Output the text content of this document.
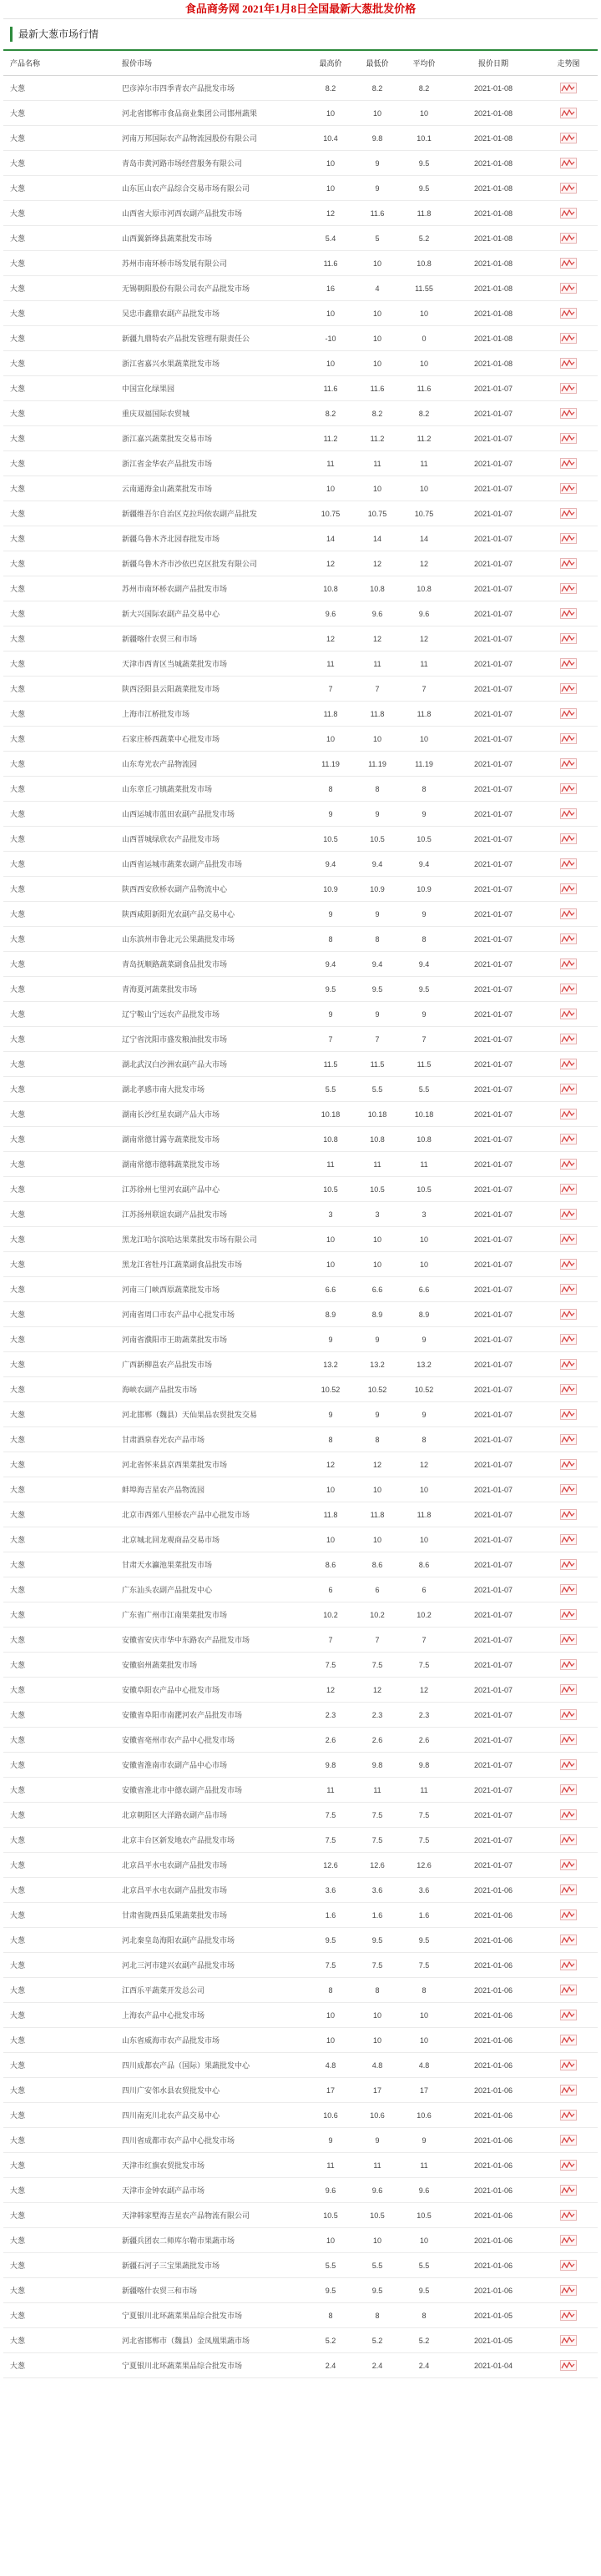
食品商务网 2021年1月8日全国最新大葱批发价格
最新大葱市场行情
产品名称	报价市场	最高价	最低价	平均价	报价日期	走势图
大葱	巴彦淖尔市四季青农产品批发市场	8.2	8.2	8.2	2021-01-08	

大葱	河北省邯郸市食品商业集团公司邯州蔬果	10	10	10	2021-01-08	

大葱	河南万邦国际农产品物流园股份有限公司	10.4	9.8	10.1	2021-01-08	

大葱	青岛市黄河路市场经营服务有限公司	10	9	9.5	2021-01-08	

大葱	山东匡山农产品综合交易市场有限公司	10	9	9.5	2021-01-08	

大葱	山西省大原市河西农副产品批发市场	12	11.6	11.8	2021-01-08	

大葱	山西翼新绛县蔬菜批发市场	5.4	5	5.2	2021-01-08	

大葱	苏州市南环桥市场发展有限公司	11.6	10	10.8	2021-01-08	

大葱	无锡朝阳股份有限公司农产品批发市场	16	4	11.55	2021-01-08	

大葱	吴忠市鑫鼎农副产品批发市场	10	10	10	2021-01-08	

大葱	新疆九鼎特农产品批发管理有限责任公	-10	10	0	2021-01-08	

大葱	浙江省嘉兴水果蔬菜批发市场	10	10	10	2021-01-08	

大葱	中国宣化绿果园	11.6	11.6	11.6	2021-01-07	

大葱	重庆双福国际农贸城	8.2	8.2	8.2	2021-01-07	

大葱	浙江嘉兴蔬菜批发交易市场	11.2	11.2	11.2	2021-01-07	

大葱	浙江省金华农产品批发市场	11	11	11	2021-01-07	

大葱	云南通海金山蔬菜批发市场	10	10	10	2021-01-07	

大葱	新疆维吾尔自治区克拉玛依农副产品批发	10.75	10.75	10.75	2021-01-07	

大葱	新疆乌鲁木齐北园春批发市场	14	14	14	2021-01-07	

大葱	新疆乌鲁木齐市沙依巴克区批发有限公司	12	12	12	2021-01-07	

大葱	苏州市南环桥农副产品批发市场	10.8	10.8	10.8	2021-01-07	

大葱	新大兴国际农副产品交易中心	9.6	9.6	9.6	2021-01-07	

大葱	新疆喀什农贸三和市场	12	12	12	2021-01-07	

大葱	天津市西青区当城蔬菜批发市场	11	11	11	2021-01-07	

大葱	陕西泾阳县云阳蔬菜批发市场	7	7	7	2021-01-07	

大葱	上海市江桥批发市场	11.8	11.8	11.8	2021-01-07	

大葱	石家庄桥西蔬菜中心批发市场	10	10	10	2021-01-07	

大葱	山东寿光农产品物流园	11.19	11.19	11.19	2021-01-07	

大葱	山东章丘刁镇蔬菜批发市场	8	8	8	2021-01-07	

大葱	山西运城市蓝田农副产品批发市场	9	9	9	2021-01-07	

大葱	山西晋城绿欣农产品批发市场	10.5	10.5	10.5	2021-01-07	

大葱	山西省运城市蔬菜农副产品批发市场	9.4	9.4	9.4	2021-01-07	

大葱	陕西西安欣桥农副产品物流中心	10.9	10.9	10.9	2021-01-07	

大葱	陕西咸阳新阳光农副产品交易中心	9	9	9	2021-01-07	

大葱	山东滨州市鲁北元公果蔬批发市场	8	8	8	2021-01-07	

大葱	青岛抚顺路蔬菜副食品批发市场	9.4	9.4	9.4	2021-01-07	

大葱	青海夏河蔬菜批发市场	9.5	9.5	9.5	2021-01-07	

大葱	辽宁鞍山宁远农产品批发市场	9	9	9	2021-01-07	

大葱	辽宁省沈阳市盛发粮油批发市场	7	7	7	2021-01-07	

大葱	湖北武汉白沙洲农副产品大市场	11.5	11.5	11.5	2021-01-07	

大葱	湖北孝感市南大批发市场	5.5	5.5	5.5	2021-01-07	

大葱	湖南长沙红星农副产品大市场	10.18	10.18	10.18	2021-01-07	

大葱	湖南常德甘露寺蔬菜批发市场	10.8	10.8	10.8	2021-01-07	

大葱	湖南常德市德韩蔬菜批发市场	11	11	11	2021-01-07	

大葱	江苏徐州七里河农副产品中心	10.5	10.5	10.5	2021-01-07	

大葱	江苏扬州联谊农副产品批发市场	3	3	3	2021-01-07	

大葱	黑龙江哈尔滨哈达果菜批发市场有限公司	10	10	10	2021-01-07	

大葱	黑龙江省牡丹江蔬菜副食品批发市场	10	10	10	2021-01-07	

大葱	河南三门峡西原蔬菜批发市场	6.6	6.6	6.6	2021-01-07	

大葱	河南省周口市农产品中心批发市场	8.9	8.9	8.9	2021-01-07	

大葱	河南省濮阳市王助蔬菜批发市场	9	9	9	2021-01-07	

大葱	广西新柳邕农产品批发市场	13.2	13.2	13.2	2021-01-07	

大葱	海峡农副产品批发市场	10.52	10.52	10.52	2021-01-07	

大葱	河北邯郸（魏县）天仙果品农贸批发交易	9	9	9	2021-01-07	

大葱	甘肃酒泉春光农产品市场	8	8	8	2021-01-07	

大葱	河北省怀来县京西果菜批发市场	12	12	12	2021-01-07	

大葱	蚌埠海吉星农产品物流园	10	10	10	2021-01-07	

大葱	北京市西郊八里桥农产品中心批发市场	11.8	11.8	11.8	2021-01-07	

大葱	北京城北回龙观商品交易市场	10	10	10	2021-01-07	

大葱	甘肃天水瀛池果菜批发市场	8.6	8.6	8.6	2021-01-07	

大葱	广东汕头农副产品批发中心	6	6	6	2021-01-07	

大葱	广东省广州市江南果菜批发市场	10.2	10.2	10.2	2021-01-07	

大葱	安徽省安庆市华中东路农产品批发市场	7	7	7	2021-01-07	

大葱	安徽宿州蔬菜批发市场	7.5	7.5	7.5	2021-01-07	

大葱	安徽阜阳农产品中心批发市场	12	12	12	2021-01-07	

大葱	安徽省阜阳市南淝河农产品批发市场	2.3	2.3	2.3	2021-01-07	

大葱	安徽省亳州市农产品中心批发市场	2.6	2.6	2.6	2021-01-07	

大葱	安徽省淮南市农副产品中心市场	9.8	9.8	9.8	2021-01-07	

大葱	安徽省淮北市中德农副产品批发市场	11	11	11	2021-01-07	

大葱	北京朝阳区大洋路农副产品市场	7.5	7.5	7.5	2021-01-07	

大葱	北京丰台区新发地农产品批发市场	7.5	7.5	7.5	2021-01-07	

大葱	北京昌平水屯农副产品批发市场	12.6	12.6	12.6	2021-01-07	

大葱	北京昌平水屯农副产品批发市场	3.6	3.6	3.6	2021-01-06	

大葱	甘肃省陇西县瓜果蔬菜批发市场	1.6	1.6	1.6	2021-01-06	

大葱	河北秦皇岛海阳农副产品批发市场	9.5	9.5	9.5	2021-01-06	

大葱	河北三河市建兴农副产品批发市场	7.5	7.5	7.5	2021-01-06	

大葱	江西乐平蔬菜开发总公司	8	8	8	2021-01-06	

大葱	上海农产品中心批发市场	10	10	10	2021-01-06	

大葱	山东省威海市农产品批发市场	10	10	10	2021-01-06	

大葱	四川成都农产品（国际）果蔬批发中心	4.8	4.8	4.8	2021-01-06	

大葱	四川广安邻水县农贸批发中心	17	17	17	2021-01-06	

大葱	四川南充川北农产品交易中心	10.6	10.6	10.6	2021-01-06	

大葱	四川省成都市农产品中心批发市场	9	9	9	2021-01-06	

大葱	天津市红旗农贸批发市场	11	11	11	2021-01-06	

大葱	天津市金钟农副产品市场	9.6	9.6	9.6	2021-01-06	

大葱	天津韩家墅海吉星农产品物流有限公司	10.5	10.5	10.5	2021-01-06	

大葱	新疆兵团农二师库尔勒市果蔬市场	10	10	10	2021-01-06	

大葱	新疆石河子三宝果蔬批发市场	5.5	5.5	5.5	2021-01-06	

大葱	新疆喀什农贸三和市场	9.5	9.5	9.5	2021-01-06	

大葱	宁夏银川北环蔬菜果品综合批发市场	8	8	8	2021-01-05	

大葱	河北省邯郸市（魏县）金凤凰果蔬市场	5.2	5.2	5.2	2021-01-05	

大葱	宁夏银川北环蔬菜果品综合批发市场	2.4	2.4	2.4	2021-01-04	
